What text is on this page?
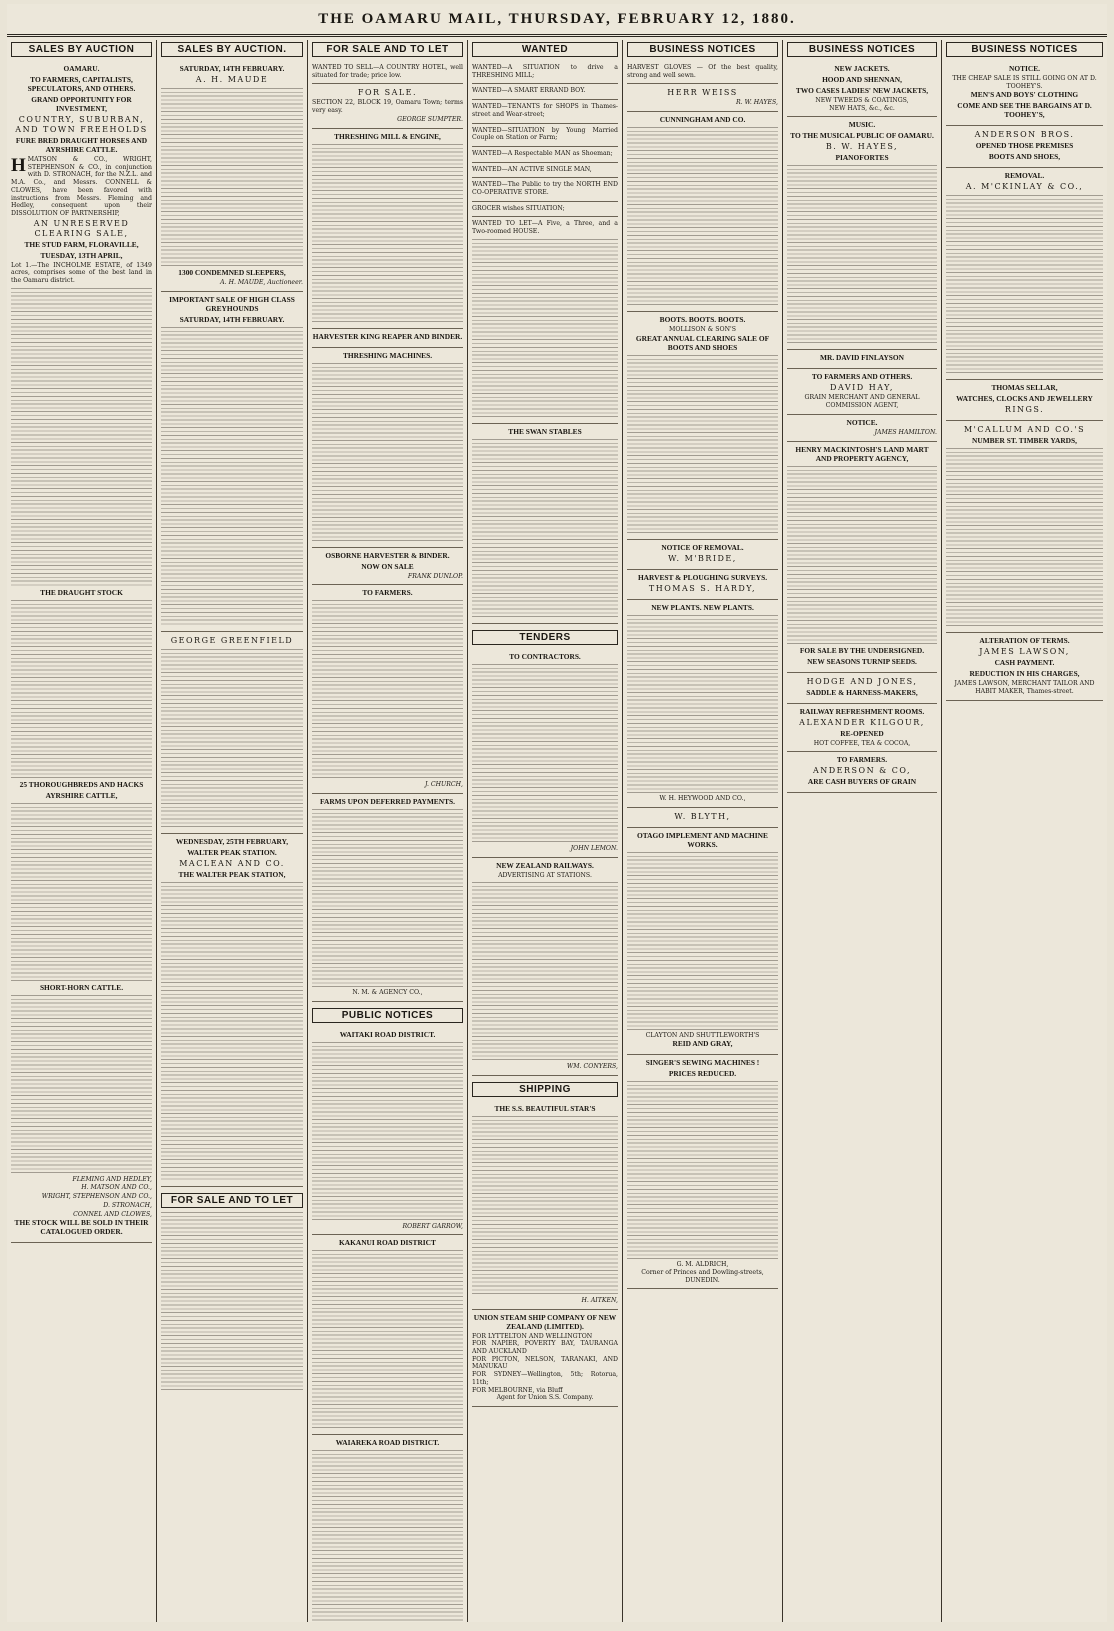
THE OAMARU MAIL, THURSDAY, FEBRUARY 12, 1880.
SALES BY AUCTION
OAMARU.
TO FARMERS, CAPITALISTS, SPECULATORS, AND OTHERS.
GRAND OPPORTUNITY FOR INVESTMENT,
COUNTRY, SUBURBAN, AND TOWN FREEHOLDS
FURE BRED DRAUGHT HORSES AND AYRSHIRE CATTLE.

HMATSON & CO., WRIGHT, STEPHENSON & CO., in conjunction with D. STRONACH, for the N.Z.L. and M.A. Co., and Messrs. CONNELL & CLOWES, have been favored with instructions from Messrs. Fleming and Hedley, consequent upon their DISSOLUTION OF PARTNERSHIP,

AN UNRESERVED CLEARING SALE,
THE STUD FARM, FLORAVILLE,
TUESDAY, 13TH APRIL,

Lot 1.—The INCHOLME ESTATE, of 1349 acres, comprises some of the best land in the Oamaru district.

THE DRAUGHT STOCK
25 THOROUGHBREDS AND HACKS
AYRSHIRE CATTLE,
SHORT-HORN CATTLE.
FLEMING AND HEDLEY,
H. MATSON AND CO.,
WRIGHT, STEPHENSON AND CO.,
D. STRONACH,
CONNEL AND CLOWES,
THE STOCK WILL BE SOLD IN THEIR CATALOGUED ORDER.
SALES BY AUCTION.
SATURDAY, 14TH FEBRUARY.
A. H. MAUDE
1300 CONDEMNED SLEEPERS,
A. H. MAUDE, Auctioneer.
IMPORTANT SALE OF HIGH CLASS GREYHOUNDS
SATURDAY, 14TH FEBRUARY.
GEORGE GREENFIELD
WEDNESDAY, 25TH FEBRUARY,
WALTER PEAK STATION.
MACLEAN AND CO.
THE WALTER PEAK STATION,
FOR SALE AND TO LET
FOR SALE AND TO LET

WANTED TO SELL—A COUNTRY HOTEL, well situated for trade; price low.

FOR SALE.

SECTION 22, BLOCK 19, Oamaru Town; terms very easy.

GEORGE SUMPTER.
THRESHING MILL & ENGINE,
HARVESTER KING REAPER AND BINDER.
THRESHING MACHINES.
OSBORNE HARVESTER & BINDER.
NOW ON SALE
FRANK DUNLOP.
TO FARMERS.
J. CHURCH,
FARMS UPON DEFERRED PAYMENTS.
N. M. & AGENCY CO.,
PUBLIC NOTICES
WAITAKI ROAD DISTRICT.
ROBERT GARROW,
KAKANUI ROAD DISTRICT
WAIAREKA ROAD DISTRICT.
WANTED

WANTED—A SITUATION to drive a THRESHING MILL;

WANTED—A SMART ERRAND BOY.

WANTED—TENANTS for SHOPS in Thames-street and Wear-street;

WANTED—SITUATION by Young Married Couple on Station or Farm;

WANTED—A Respectable MAN as Shoeman;

WANTED—AN ACTIVE SINGLE MAN,

WANTED—The Public to try the NORTH END CO-OPERATIVE STORE.

GROCER wishes SITUATION;

WANTED TO LET—A Five, a Three, and a Two-roomed HOUSE.

THE SWAN STABLES
TENDERS
TO CONTRACTORS.
JOHN LEMON.
NEW ZEALAND RAILWAYS.
ADVERTISING AT STATIONS.
WM. CONYERS,
SHIPPING
THE S.S. BEAUTIFUL STAR'S
H. AITKEN,
UNION STEAM SHIP COMPANY OF NEW ZEALAND (LIMITED).

FOR LYTTELTON AND WELLINGTON

FOR NAPIER, POVERTY BAY, TAURANGA AND AUCKLAND

FOR PICTON, NELSON, TARANAKI, AND MANUKAU

FOR SYDNEY—Wellington, 5th; Rotorua, 11th;

FOR MELBOURNE, via Bluff

Agent for Union S.S. Company.
BUSINESS NOTICES

HARVEST GLOVES — Of the best quality, strong and well sewn.

HERR WEISS
R. W. HAYES,
CUNNINGHAM AND CO.
BOOTS. BOOTS. BOOTS.
MOLLISON & SON'S
GREAT ANNUAL CLEARING SALE OF BOOTS AND SHOES
NOTICE OF REMOVAL.
W. M'BRIDE,
HARVEST & PLOUGHING SURVEYS.
THOMAS S. HARDY,
NEW PLANTS. NEW PLANTS.
W. H. HEYWOOD AND CO.,
W. BLYTH,
OTAGO IMPLEMENT AND MACHINE WORKS.
CLAYTON AND SHUTTLEWORTH'S
REID AND GRAY,
SINGER'S SEWING MACHINES !
PRICES REDUCED.
G. M. ALDRICH,
Corner of Princes and Dowling-streets, DUNEDIN.
BUSINESS NOTICES
NEW JACKETS.
HOOD AND SHENNAN,
TWO CASES LADIES' NEW JACKETS,
NEW TWEEDS & COATINGS,
NEW HATS, &c., &c.
MUSIC.
TO THE MUSICAL PUBLIC OF OAMARU.
B. W. HAYES,
PIANOFORTES
MR. DAVID FINLAYSON
TO FARMERS AND OTHERS.
DAVID HAY,
GRAIN MERCHANT AND GENERAL COMMISSION AGENT,
NOTICE.
JAMES HAMILTON.
HENRY MACKINTOSH'S LAND MART AND PROPERTY AGENCY,
FOR SALE BY THE UNDERSIGNED.
NEW SEASONS TURNIP SEEDS.
HODGE AND JONES,
SADDLE & HARNESS-MAKERS,
RAILWAY REFRESHMENT ROOMS.
ALEXANDER KILGOUR,
RE-OPENED
HOT COFFEE, TEA & COCOA,
TO FARMERS.
ANDERSON & CO,
ARE CASH BUYERS OF GRAIN
BUSINESS NOTICES
NOTICE.
THE CHEAP SALE IS STILL GOING ON AT D. TOOHEY'S.
MEN'S AND BOYS' CLOTHING
COME AND SEE THE BARGAINS AT D. TOOHEY'S,
ANDERSON BROS.
OPENED THOSE PREMISES
BOOTS AND SHOES,
REMOVAL.
A. M'CKINLAY & CO.,
THOMAS SELLAR,
WATCHES, CLOCKS AND JEWELLERY
RINGS.
M'CALLUM AND CO.'S
NUMBER ST. TIMBER YARDS,
ALTERATION OF TERMS.
JAMES LAWSON,
CASH PAYMENT.
REDUCTION IN HIS CHARGES,
JAMES LAWSON, MERCHANT TAILOR AND HABIT MAKER, Thames-street.
